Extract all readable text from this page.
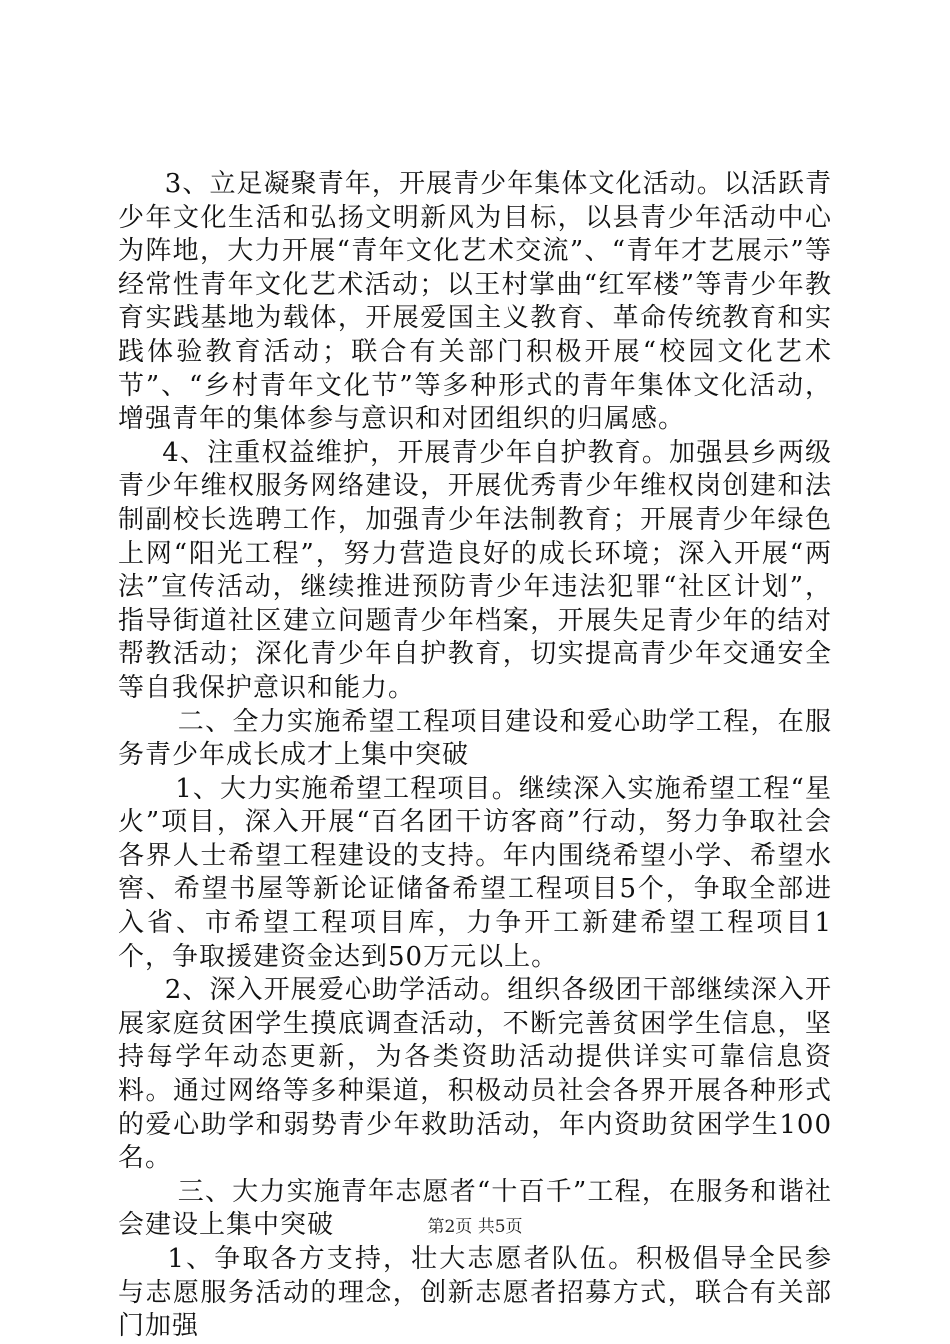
3、立足凝聚青年，开展青少年集体文化活动。以活跃青少年文化生活和弘扬文明新风为目标，以县青少年活动中心为阵地，大力开展“青年文化艺术交流”、“青年才艺展示”等经常性青年文化艺术活动；以王村掌曲“红军楼”等青少年教育实践基地为载体，开展爱国主义教育、革命传统教育和实践体验教育活动；联合有关部门积极开展“校园文化艺术节”、“乡村青年文化节”等多种形式的青年集体文化活动，增强青年的集体参与意识和对团组织的归属感。

4、注重权益维护，开展青少年自护教育。加强县乡两级青少年维权服务网络建设，开展优秀青少年维权岗创建和法制副校长选聘工作，加强青少年法制教育；开展青少年绿色上网“阳光工程”，努力营造良好的成长环境；深入开展“两法”宣传活动，继续推进预防青少年违法犯罪“社区计划”，指导街道社区建立问题青少年档案，开展失足青少年的结对帮教活动；深化青少年自护教育，切实提高青少年交通安全等自我保护意识和能力。

二、全力实施希望工程项目建设和爱心助学工程，在服务青少年成长成才上集中突破

1、大力实施希望工程项目。继续深入实施希望工程“星火”项目，深入开展“百名团干访客商”行动，努力争取社会各界人士希望工程建设的支持。年内围绕希望小学、希望水窖、希望书屋等新论证储备希望工程项目5个，争取全部进入省、市希望工程项目库，力争开工新建希望工程项目1个，争取援建资金达到50万元以上。

2、深入开展爱心助学活动。组织各级团干部继续深入开展家庭贫困学生摸底调查活动，不断完善贫困学生信息，坚持每学年动态更新，为各类资助活动提供详实可靠信息资料。通过网络等多种渠道，积极动员社会各界开展各种形式的爱心助学和弱势青少年救助活动，年内资助贫困学生100名。

三、大力实施青年志愿者“十百千”工程，在服务和谐社会建设上集中突破

1、争取各方支持，壮大志愿者队伍。积极倡导全民参与志愿服务活动的理念，创新志愿者招募方式，联合有关部门加强

第2页 共5页
